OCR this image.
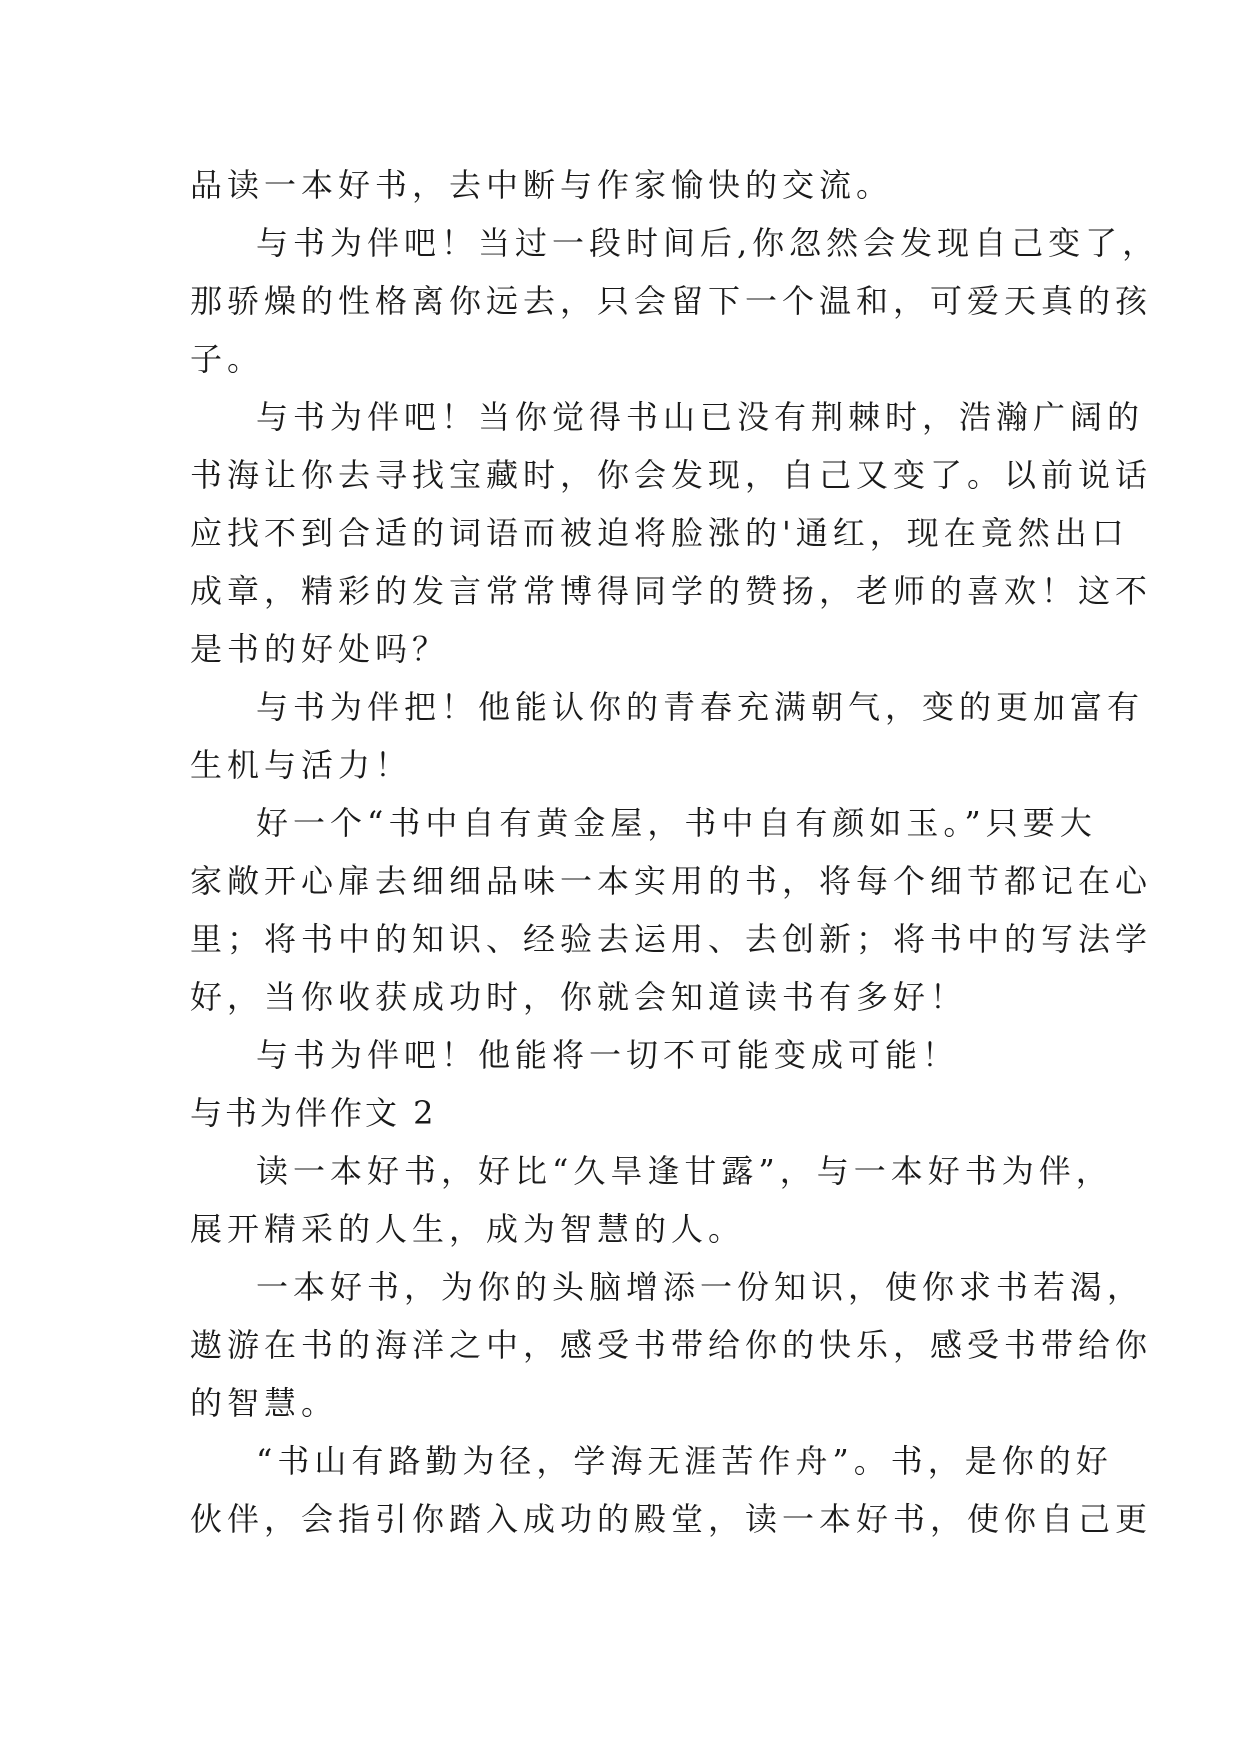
品读一本好书，去中断与作家愉快的交流。
与书为伴吧！当过一段时间后,你忽然会发现自己变了，
那骄燥的性格离你远去，只会留下一个温和，可爱天真的孩
子。
与书为伴吧！当你觉得书山已没有荆棘时，浩瀚广阔的
书海让你去寻找宝藏时，你会发现，自己又变了。以前说话
应找不到合适的词语而被迫将脸涨的'通红，现在竟然出口
成章，精彩的发言常常博得同学的赞扬，老师的喜欢！这不
是书的好处吗？
与书为伴把！他能认你的青春充满朝气，变的更加富有
生机与活力！
好一个“书中自有黄金屋，书中自有颜如玉。”只要大
家敞开心扉去细细品味一本实用的书，将每个细节都记在心
里；将书中的知识、经验去运用、去创新；将书中的写法学
好，当你收获成功时，你就会知道读书有多好！
与书为伴吧！他能将一切不可能变成可能！
与书为伴作文 2
读一本好书，好比“久旱逢甘露”，与一本好书为伴，
展开精采的人生，成为智慧的人。
一本好书，为你的头脑增添一份知识，使你求书若渴，
遨游在书的海洋之中，感受书带给你的快乐，感受书带给你
的智慧。
“书山有路勤为径，学海无涯苦作舟”。书，是你的好
伙伴，会指引你踏入成功的殿堂，读一本好书，使你自己更
